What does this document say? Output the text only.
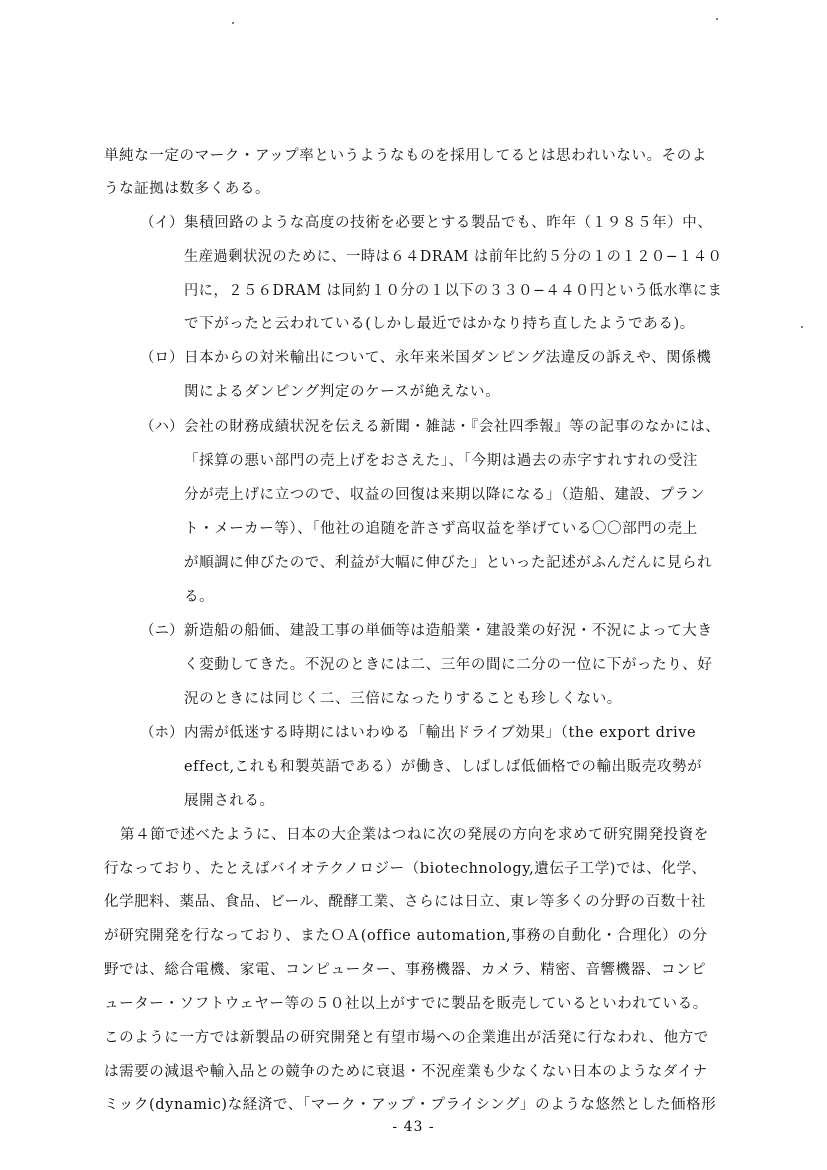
単純な一定のマーク・アップ率というようなものを採用してるとは思われいない。そのよ
うな証拠は数多くある。
（イ） 集積回路のような高度の技術を必要とする製品でも、昨年（１９８５年）中、
生産過剰状況のために、一時は６４DRAM は前年比約５分の１の１２０−１４０
円に，２５６DRAM は同約１０分の１以下の３３０−４４０円という低水準にま
で下がったと云われている(しかし最近ではかなり持ち直したようである)。
（ロ） 日本からの対米輸出について、永年来米国ダンピング法違反の訴えや、関係機
関によるダンピング判定のケースが絶えない。
（ハ） 会社の財務成績状況を伝える新聞・雑誌・『会社四季報』等の記事のなかには、
「採算の悪い部門の売上げをおさえた」、「今期は過去の赤字すれすれの受注
分が売上げに立つので、収益の回復は来期以降になる」（造船、建設、プラン
ト・メーカー等）、「他社の追随を許さず高収益を挙げている〇〇部門の売上
が順調に伸びたので、利益が大幅に伸びた」といった記述がふんだんに見られ
る。
（ニ） 新造船の船価、建設工事の単価等は造船業・建設業の好況・不況によって大き
く変動してきた。不況のときには二、三年の間に二分の一位に下がったり、好
況のときには同じく二、三倍になったりすることも珍しくない。
（ホ） 内需が低迷する時期にはいわゆる「輸出ドライブ効果」（the export drive
effect,これも和製英語である）が働き、しばしば低価格での輸出販売攻勢が
展開される。
第４節で述べたように、日本の大企業はつねに次の発展の方向を求めて研究開発投資を
行なっており、たとえばバイオテクノロジー（biotechnology,遺伝子工学)では、化学、
化学肥料、薬品、食品、ビール、醗酵工業、さらには日立、東レ等多くの分野の百数十社
が研究開発を行なっており、またＯＡ(office automation,事務の自動化・合理化）の分
野では、総合電機、家電、コンピューター、事務機器、カメラ、精密、音響機器、コンピ
ューター・ソフトウェヤー等の５０社以上がすでに製品を販売しているといわれている。
このように一方では新製品の研究開発と有望市場への企業進出が活発に行なわれ、他方で
は需要の減退や輸入品との競争のために衰退・不況産業も少なくない日本のようなダイナ
ミック(dynamic)な経済で、「マーク・アップ・プライシング」のような悠然とした価格形
- 43 -
